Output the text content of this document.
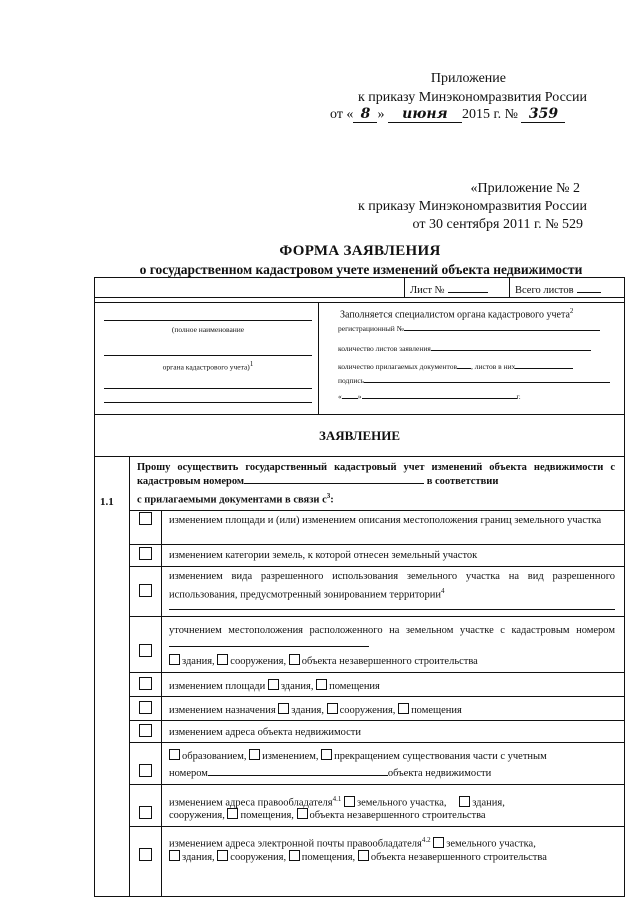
Приложение
к приказу Минэкономразвития России
от « 8 » июня 2015 г. № 359
«Приложение № 2
к приказу Минэкономразвития России
от 30 сентября 2011 г. № 529
ФОРМА ЗАЯВЛЕНИЯ
о государственном кадастровом учете изменений объекта недвижимости
Лист №	Всего листов
(полное наименование
органа кадастрового учета)$^1$
Заполняется специалистом органа кадастрового учета$^2$
регистрационный №
количество листов заявления
количество прилагаемых документов , листов в них
подпись
« »	г.
ЗАЯВЛЕНИЕ
1.1
Прошу осуществить государственный кадастровый учет изменений объекта недвижимости с кадастровым номером	в соответствии
с прилагаемыми документами в связи $с^3$:
изменением площади и (или) изменением описания местоположения границ земельного участка
изменением категории земель, к которой отнесен земельный участок
изменением вида разрешенного использования земельного участка на вид разрешенного использования, предусмотренный зонированием территории$^4$
уточнением местоположения расположенного на земельном участке с кадастровым номером
здания, сооружения, объекта незавершенного строительства
изменением площади здания, помещения
изменением назначения здания, сооружения, помещения
изменением адреса объекта недвижимости
образованием, изменением, прекращением существования части с учетным
номером	объекта недвижимости
изменением адреса правообладателя$^{4.1}$ земельного участка, здания,
сооружения, помещения, объекта незавершенного строительства
изменением адреса электронной почты правообладателя$^{4.2}$ земельного участка,
здания, сооружения, помещения, объекта незавершенного строительства
